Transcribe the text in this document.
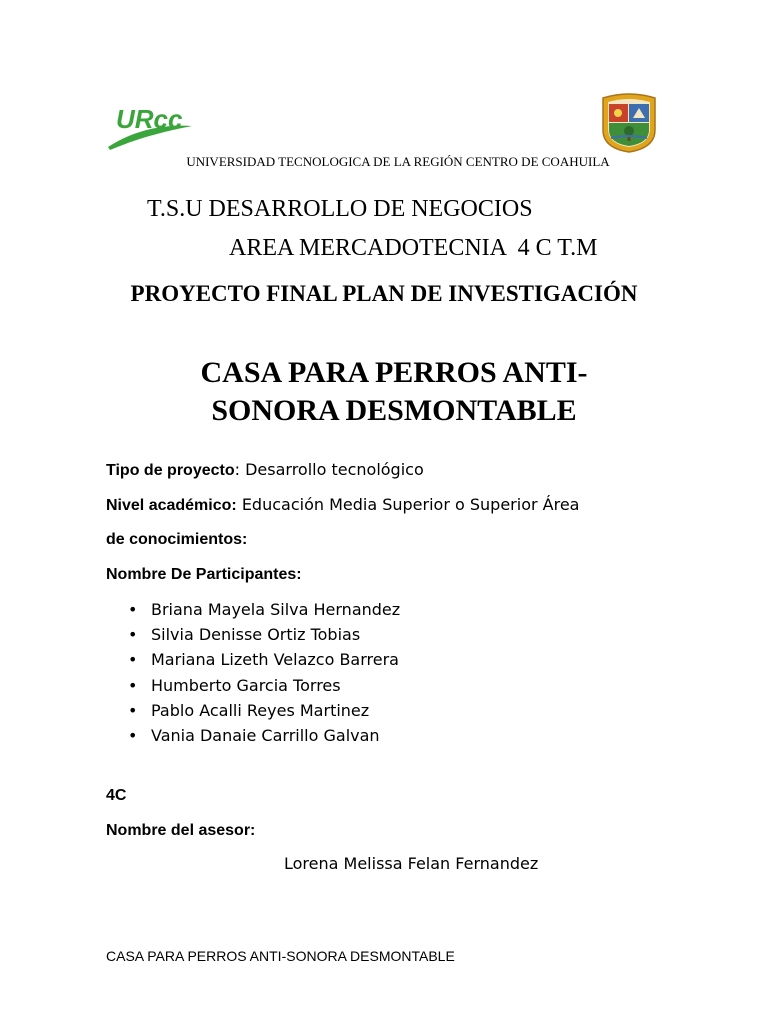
URcc
UNIVERSIDAD TECNOLOGICA DE LA REGIÓN CENTRO DE COAHUILA
T.S.U DESARROLLO DE NEGOCIOS
AREA MERCADOTECNIA  4 C T.M
PROYECTO FINAL PLAN DE INVESTIGACIÓN
CASA PARA PERROS ANTI-
SONORA DESMONTABLE
Tipo de proyecto: Desarrollo tecnológico
Nivel académico: Educación Media Superior o Superior Área
de conocimientos:
Nombre De Participantes:
• Briana Mayela Silva Hernandez
• Silvia Denisse Ortiz Tobias
• Mariana Lizeth Velazco Barrera
• Humberto Garcia Torres
• Pablo Acalli Reyes Martinez
• Vania Danaie Carrillo Galvan
4C
Nombre del asesor:
Lorena Melissa Felan Fernandez
CASA PARA PERROS ANTI-SONORA DESMONTABLE
